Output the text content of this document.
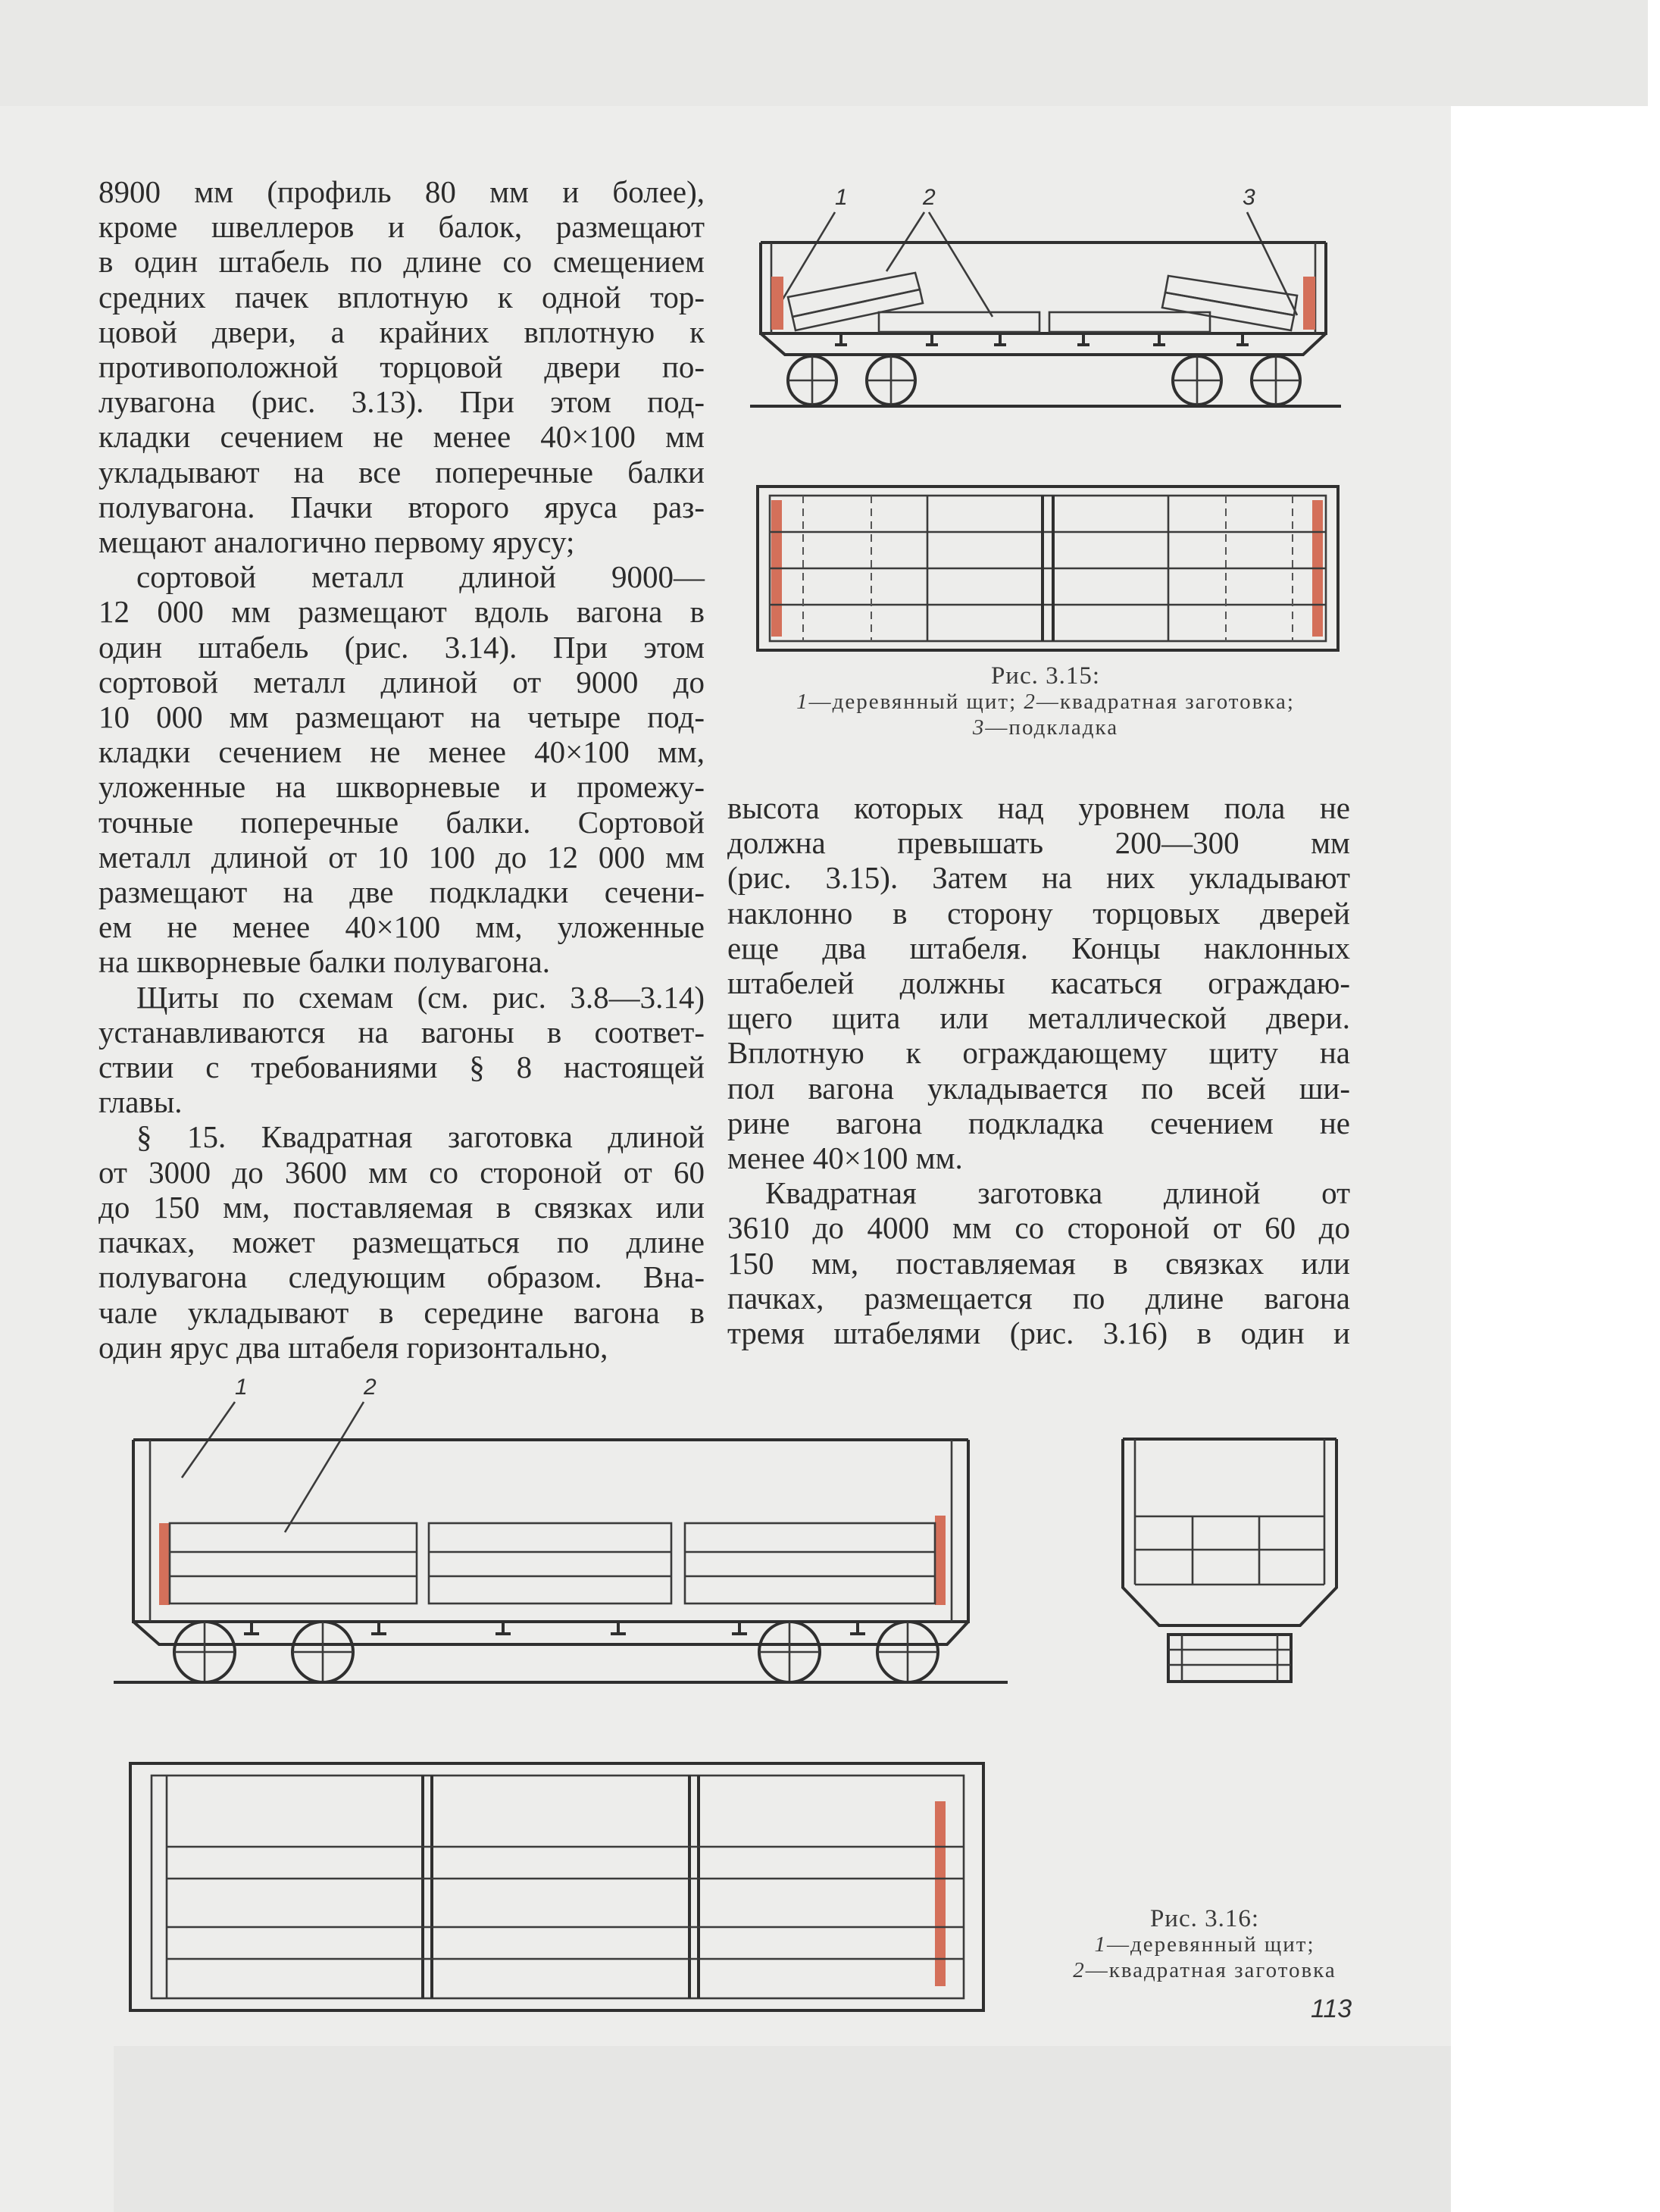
8900 мм (профиль 80 мм и более),
кроме швеллеров и балок, размещают
в один штабель по длине со смещением
средних пачек вплотную к одной тор-
цовой двери, а крайних вплотную к
противоположной торцовой двери по-
лувагона (рис. 3.13). При этом под-
кладки сечением не менее 40×100 мм
укладывают на все поперечные балки
полувагона. Пачки второго яруса раз-
мещают аналогично первому ярусу;
сортовой металл длиной 9000—
12 000 мм размещают вдоль вагона в
один штабель (рис. 3.14). При этом
сортовой металл длиной от 9000 до
10 000 мм размещают на четыре под-
кладки сечением не менее 40×100 мм,
уложенные на шкворневые и промежу-
точные поперечные балки. Сортовой
металл длиной от 10 100 до 12 000 мм
размещают на две подкладки сечени-
ем не менее 40×100 мм, уложенные
на шкворневые балки полувагона.
Щиты по схемам (см. рис. 3.8—3.14)
устанавливаются на вагоны в соответ-
ствии с требованиями § 8 настоящей
главы.
§ 15. Квадратная заготовка длиной
от 3000 до 3600 мм со стороной от 60
до 150 мм, поставляемая в связках или
пачках, может размещаться по длине
полувагона следующим образом. Вна-
чале укладывают в середине вагона в
один ярус два штабеля горизонтально,
высота которых над уровнем пола не
должна превышать 200—300 мм
(рис. 3.15). Затем на них укладывают
наклонно в сторону торцовых дверей
еще два штабеля. Концы наклонных
штабелей должны касаться ограждаю-
щего щита или металлической двери.
Вплотную к ограждающему щиту на
пол вагона укладывается по всей ши-
рине вагона подкладка сечением не
менее 40×100 мм.
Квадратная заготовка длиной от
3610 до 4000 мм со стороной от 60 до
150 мм, поставляемая в связках или
пачках, размещается по длине вагона
тремя штабелями (рис. 3.16) в один и
1	2	3
Рис. 3.15:
1—деревянный щит; 2—квадратная заготовка;
3—подкладка
1	2
Рис. 3.16:
1—деревянный щит;
2—квадратная заготовка
113
